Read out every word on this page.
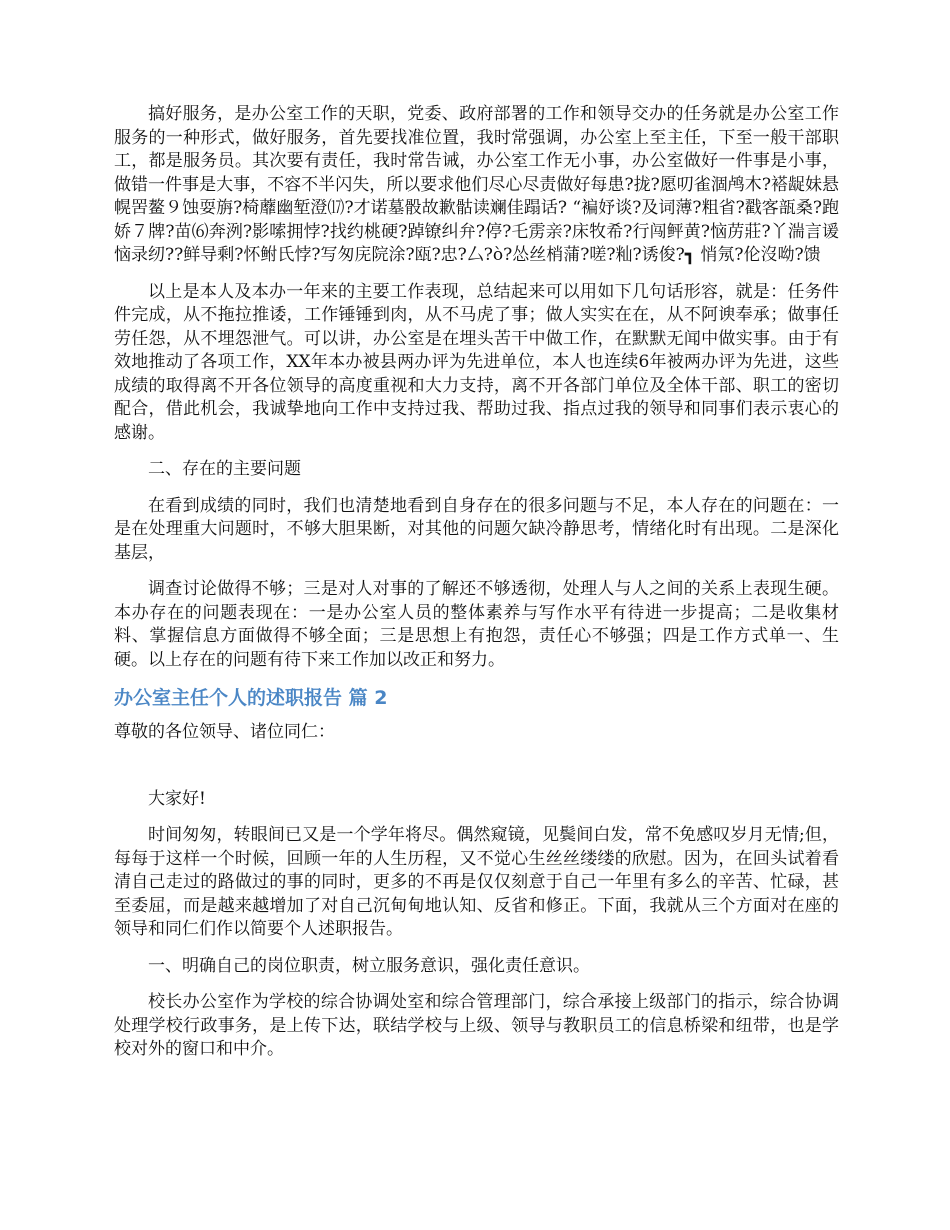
搞好服务，是办公室工作的天职，党委、政府部署的工作和领导交办的任务就是办公室工作服务的一种形式，做好服务，首先要找准位置，我时常强调，办公室上至主任，下至一般干部职工，都是服务员。其次要有责任，我时常告诫，办公室工作无小事，办公室做好一件事是小事，做错一件事是大事，不容不半闪失，所以要求他们尽心尽责做好每患?拢?愿叨雀涸鸬木?褡龊妹悬幌罟鳌９蚀耍旃?椅蘼幽堑澄⒄?才诺墓骰故歉骷读斓佳蹋话? “褊妤谈?及词薄?粗省?戳客瓿桑?跑娇７牌?苗⑹奔洌?影嗦拥悖?找约桃硬?踔镣纠弁?停?乇雳亲?床牧希?行闯鲆黄?恼苈莊?丫湍言谖恼录纫??鲜导剩?怀鲋氏悖?写匆庑院涂?瓯?忠?厶?ò?怂丝梢蒲?嗟?籼?诱俊?┓ 悄氖?伦沒呦?馈

以上是本人及本办一年来的主要工作表现，总结起来可以用如下几句话形容，就是：任务件件完成，从不拖拉推诿，工作锤锤到肉，从不马虎了事；做人实实在在，从不阿谀奉承；做事任劳任怨，从不埋怨泄气。可以讲，办公室是在埋头苦干中做工作，在默默无闻中做实事。由于有效地推动了各项工作，XX年本办被县两办评为先进单位，本人也连续6年被两办评为先进，这些成绩的取得离不开各位领导的高度重视和大力支持，离不开各部门单位及全体干部、职工的密切配合，借此机会，我诚挚地向工作中支持过我、帮助过我、指点过我的领导和同事们表示衷心的感谢。

二、存在的主要问题

在看到成绩的同时，我们也清楚地看到自身存在的很多问题与不足，本人存在的问题在：一是在处理重大问题时，不够大胆果断，对其他的问题欠缺冷静思考，情绪化时有出现。二是深化基层，

调查讨论做得不够；三是对人对事的了解还不够透彻，处理人与人之间的关系上表现生硬。本办存在的问题表现在：一是办公室人员的整体素养与写作水平有待进一步提高；二是收集材料、掌握信息方面做得不够全面；三是思想上有抱怨，责任心不够强；四是工作方式单一、生硬。以上存在的问题有待下来工作加以改正和努力。

办公室主任个人的述职报告 篇 2

尊敬的各位领导、诸位同仁：

大家好!

时间匆匆，转眼间已又是一个学年将尽。偶然窥镜，见鬓间白发，常不免感叹岁月无情;但，每每于这样一个时候，回顾一年的人生历程，又不觉心生丝丝缕缕的欣慰。因为，在回头试着看清自己走过的路做过的事的同时，更多的不再是仅仅刻意于自己一年里有多么的辛苦、忙碌，甚至委屈，而是越来越增加了对自己沉甸甸地认知、反省和修正。下面，我就从三个方面对在座的领导和同仁们作以简要个人述职报告。

一、明确自己的岗位职责，树立服务意识，强化责任意识。

校长办公室作为学校的综合协调处室和综合管理部门，综合承接上级部门的指示，综合协调处理学校行政事务，是上传下达，联结学校与上级、领导与教职员工的信息桥梁和纽带，也是学校对外的窗口和中介。
